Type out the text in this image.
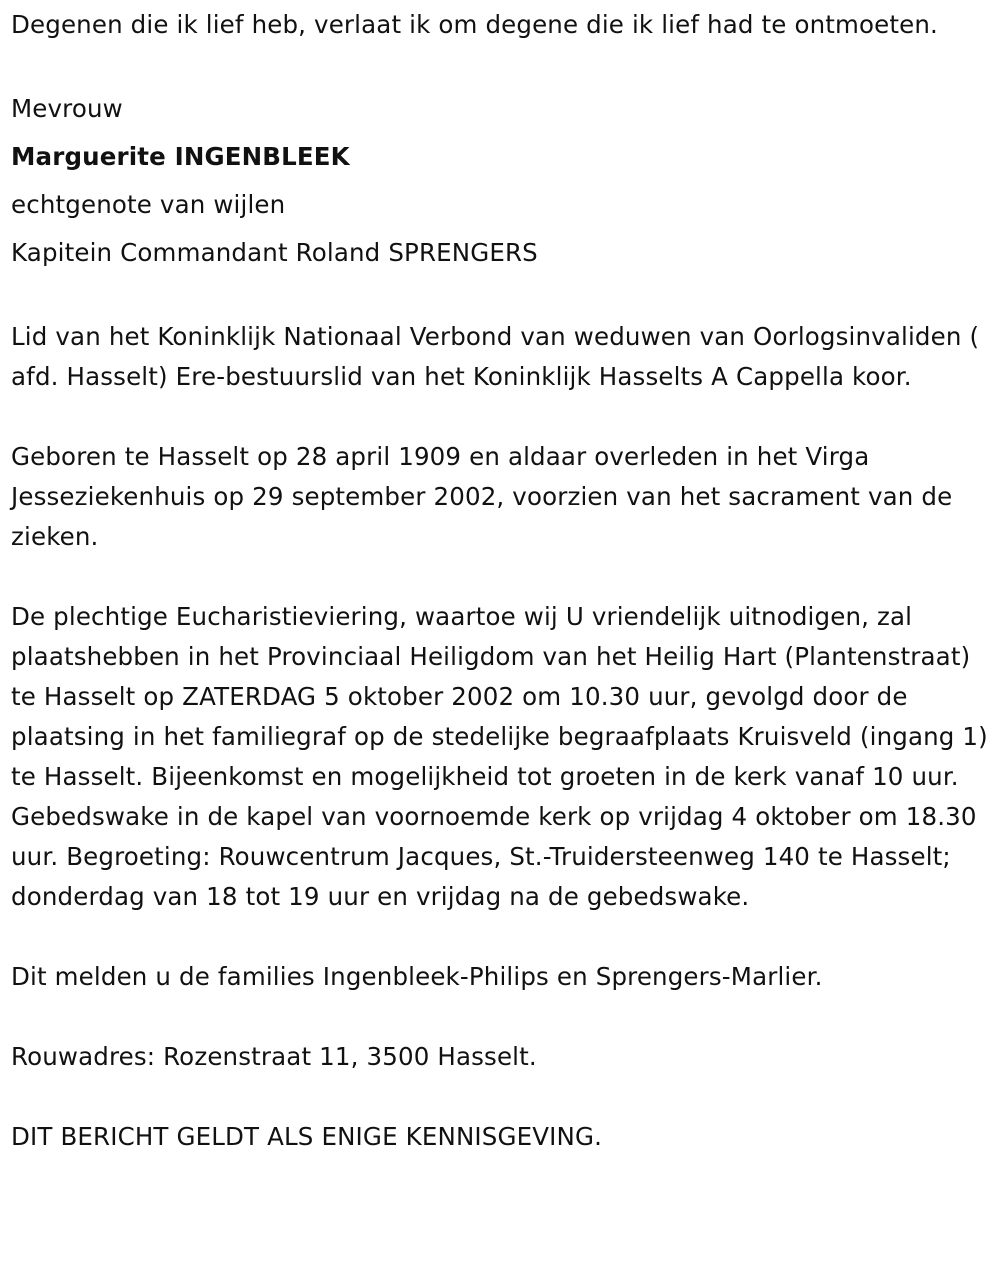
Degenen die ik lief heb, verlaat ik om degene die ik lief had te ontmoeten.

Mevrouw

Marguerite INGENBLEEK

echtgenote van wijlen

Kapitein Commandant Roland SPRENGERS

Lid van het Koninklijk Nationaal Verbond van weduwen van Oorlogsinvaliden ( afd. Hasselt) Ere-bestuurslid van het Koninklijk Hasselts A Cappella koor.

Geboren te Hasselt op 28 april 1909 en aldaar overleden in het Virga Jesseziekenhuis op 29 september 2002, voorzien van het sacrament van de zieken.

De plechtige Eucharistieviering, waartoe wij U vriendelijk uitnodigen, zal plaatshebben in het Provinciaal Heiligdom van het Heilig Hart (Plantenstraat) te Hasselt op ZATERDAG 5 oktober 2002 om 10.30 uur, gevolgd door de plaatsing in het familiegraf op de stedelijke begraafplaats Kruisveld (ingang 1) te Hasselt. Bijeenkomst en mogelijkheid tot groeten in de kerk vanaf 10 uur. Gebedswake in de kapel van voornoemde kerk op vrijdag 4 oktober om 18.30 uur. Begroeting: Rouwcentrum Jacques, St.-Truidersteenweg 140 te Hasselt; donderdag van 18 tot 19 uur en vrijdag na de gebedswake.

Dit melden u de families Ingenbleek-Philips en Sprengers-Marlier.

Rouwadres: Rozenstraat 11, 3500 Hasselt.

DIT BERICHT GELDT ALS ENIGE KENNISGEVING.
